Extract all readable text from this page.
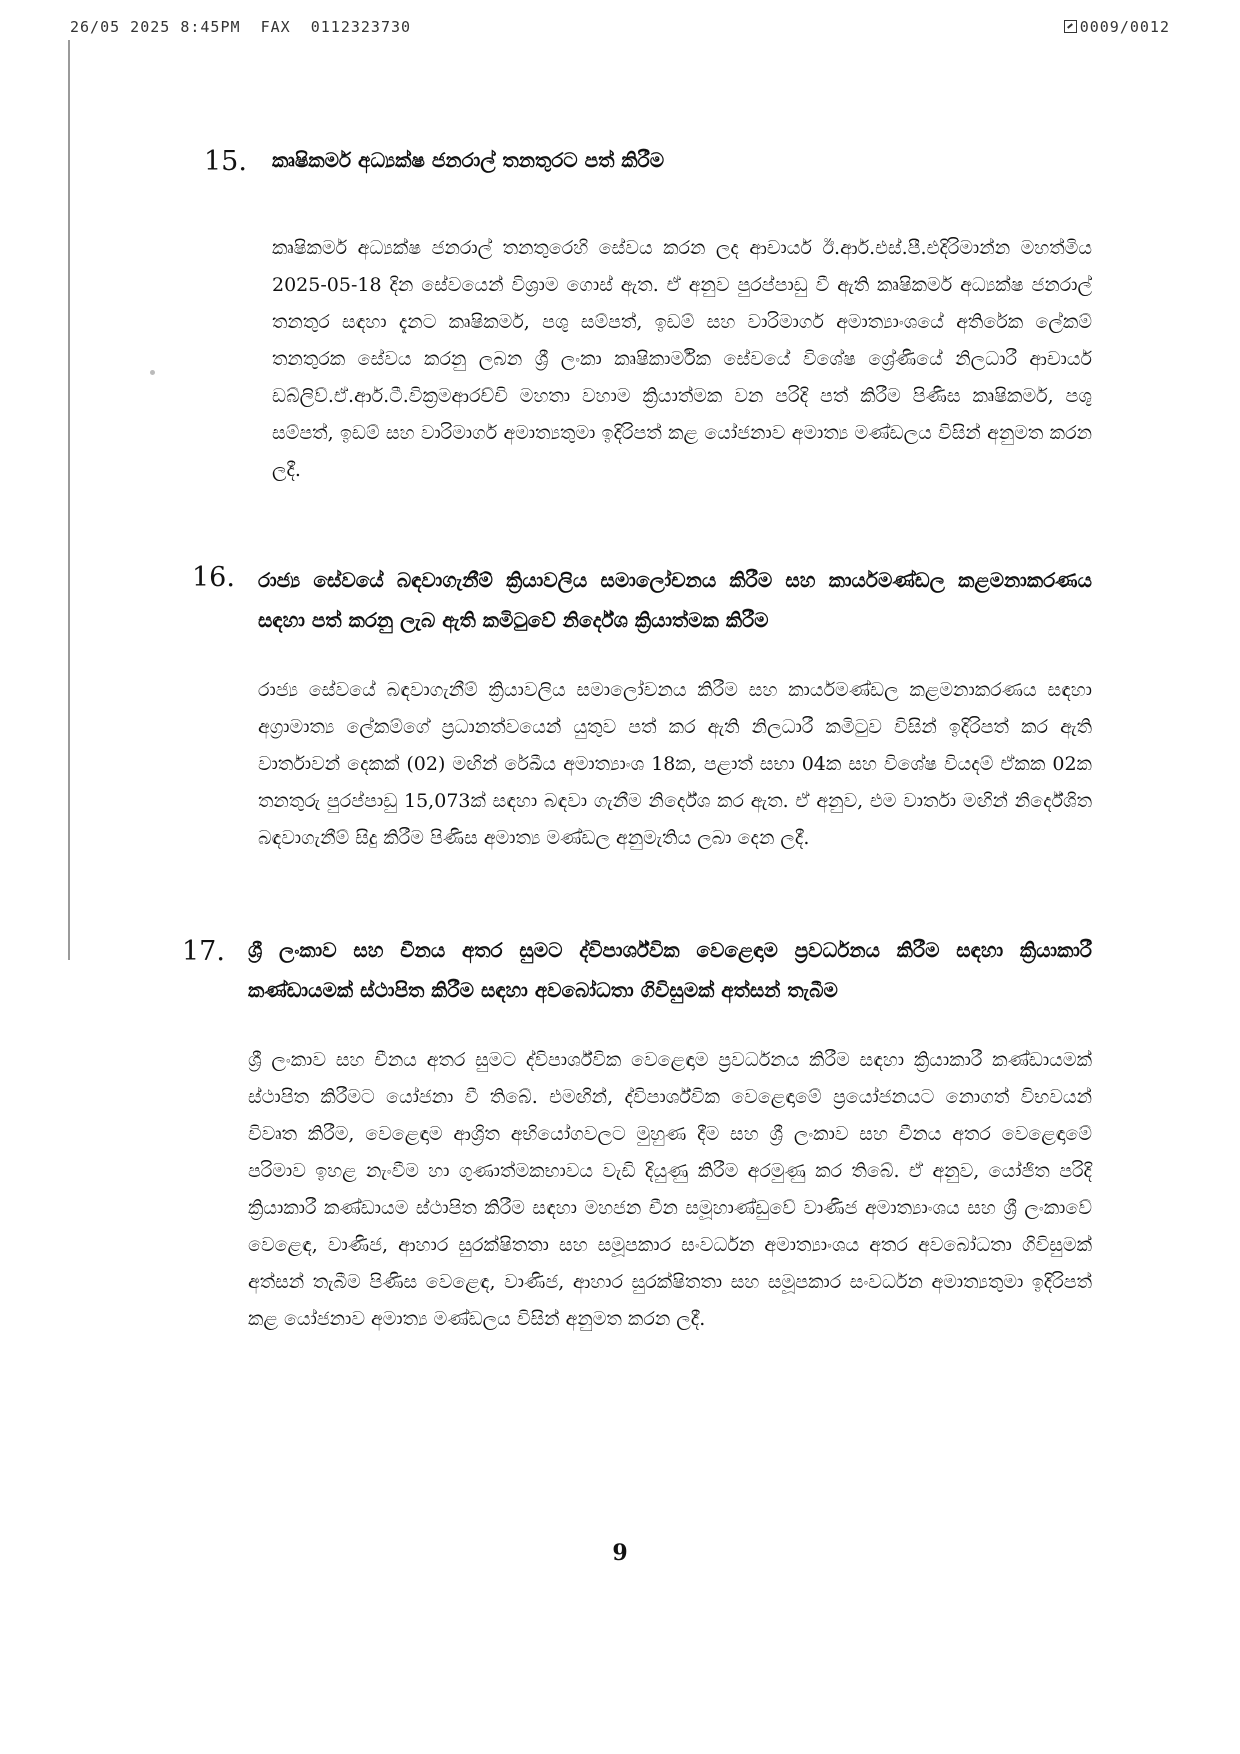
26/05 2025 8:45PM  FAX  0112323730	0009/0012
15. කෘෂිකර්ම අධ්‍යක්ෂ ජනරාල් තනතුරට පත් කිරීම

කෘෂිකර්ම අධ්‍යක්ෂ ජනරාල් තනතුරෙහි සේවය කරන ලද ආචාර්ය ඊ.ආර්.එස්.පී.එදිරිමාන්න මහත්මිය 2025-05-18 දින සේවයෙන් විශ්‍රාම ගොස් ඇත. ඒ අනුව පුරප්පාඩු වී ඇති කෘෂිකර්ම අධ්‍යක්ෂ ජනරාල් තනතුර සඳහා දැනට කෘෂිකර්ම, පශු සම්පත්, ඉඩම් සහ වාරිමාර්ග අමාත්‍යාංශයේ අතිරේක ලේකම් තනතුරක සේවය කරනු ලබන ශ්‍රී ලංකා කෘෂිකාර්මික සේවයේ විශේෂ ශ්‍රේණියේ නිලධාරී ආචාර්ය ඩබ්ලිව්.ඒ.ආර්.ටී.වික්‍රමආරච්චි මහතා වහාම ක්‍රියාත්මක වන පරිදි පත් කිරීම පිණිස කෘෂිකර්ම, පශු සම්පත්, ඉඩම් සහ වාරිමාර්ග අමාත්‍යතුමා ඉදිරිපත් කළ යෝජනාව අමාත්‍ය මණ්ඩලය විසින් අනුමත කරන ලදී.

16. රාජ්‍ය සේවයේ බඳවාගැනීම් ක්‍රියාවලිය සමාලෝචනය කිරීම සහ කාර්යමණ්ඩල කළමනාකරණය සඳහා පත් කරනු ලැබ ඇති කමිටුවේ නිර්දේශ ක්‍රියාත්මක කිරීම

රාජ්‍ය සේවයේ බඳවාගැනීම් ක්‍රියාවලිය සමාලෝචනය කිරීම සහ කාර්යමණ්ඩල කළමනාකරණය සඳහා අග්‍රාමාත්‍ය ලේකම්ගේ ප්‍රධානත්වයෙන් යුතුව පත් කර ඇති නිලධාරී කමිටුව විසින් ඉදිරිපත් කර ඇති වාර්තාවන් දෙකක් (02) මඟින් රේඛීය අමාත්‍යාංශ 18ක, පළාත් සභා 04ක සහ විශේෂ වියදම් ඒකක 02ක තනතුරු පුරප්පාඩු 15,073ක් සඳහා බඳවා ගැනීම නිර්දේශ කර ඇත. ඒ අනුව, එම වාර්තා මඟින් නිර්දේශිත බඳවාගැනීම් සිදු කිරීම පිණිස අමාත්‍ය මණ්ඩල අනුමැතිය ලබා දෙන ලදී.

17. ශ්‍රී ලංකාව සහ චීනය අතර සුමට ද්විපාර්ශ්වික වෙළෙඳාම ප්‍රවර්ධනය කිරීම සඳහා ක්‍රියාකාරී කණ්ඩායමක් ස්ථාපිත කිරීම සඳහා අවබෝධතා ගිවිසුමක් අත්සන් තැබීම

ශ්‍රී ලංකාව සහ චීනය අතර සුමට ද්විපාර්ශ්වික වෙළෙඳාම ප්‍රවර්ධනය කිරීම සඳහා ක්‍රියාකාරී කණ්ඩායමක් ස්ථාපිත කිරීමට යෝජනා වී තිබේ. එමඟින්, ද්විපාර්ශ්වික වෙළෙඳාමේ ප්‍රයෝජනයට නොගත් විභවයන් විවෘත කිරීම, වෙළෙඳාම ආශ්‍රිත අභියෝගවලට මුහුණ දීම සහ ශ්‍රී ලංකාව සහ චීනය අතර වෙළෙඳාමේ පරිමාව ඉහළ නැංවීම හා ගුණාත්මකභාවය වැඩි දියුණු කිරීම අරමුණු කර තිබේ. ඒ අනුව, යෝජිත පරිදි ක්‍රියාකාරී කණ්ඩායම ස්ථාපිත කිරීම සඳහා මහජන චීන සමූහාණ්ඩුවේ වාණිජ අමාත්‍යාංශය සහ ශ්‍රී ලංකාවේ වෙළෙඳ, වාණිජ, ආහාර සුරක්ෂිතතා සහ සමූපකාර සංවර්ධන අමාත්‍යාංශය අතර අවබෝධතා ගිවිසුමක් අත්සන් තැබීම පිණිස වෙළෙඳ, වාණිජ, ආහාර සුරක්ෂිතතා සහ සමූපකාර සංවර්ධන අමාත්‍යතුමා ඉදිරිපත් කළ යෝජනාව අමාත්‍ය මණ්ඩලය විසින් අනුමත කරන ලදී.

9
